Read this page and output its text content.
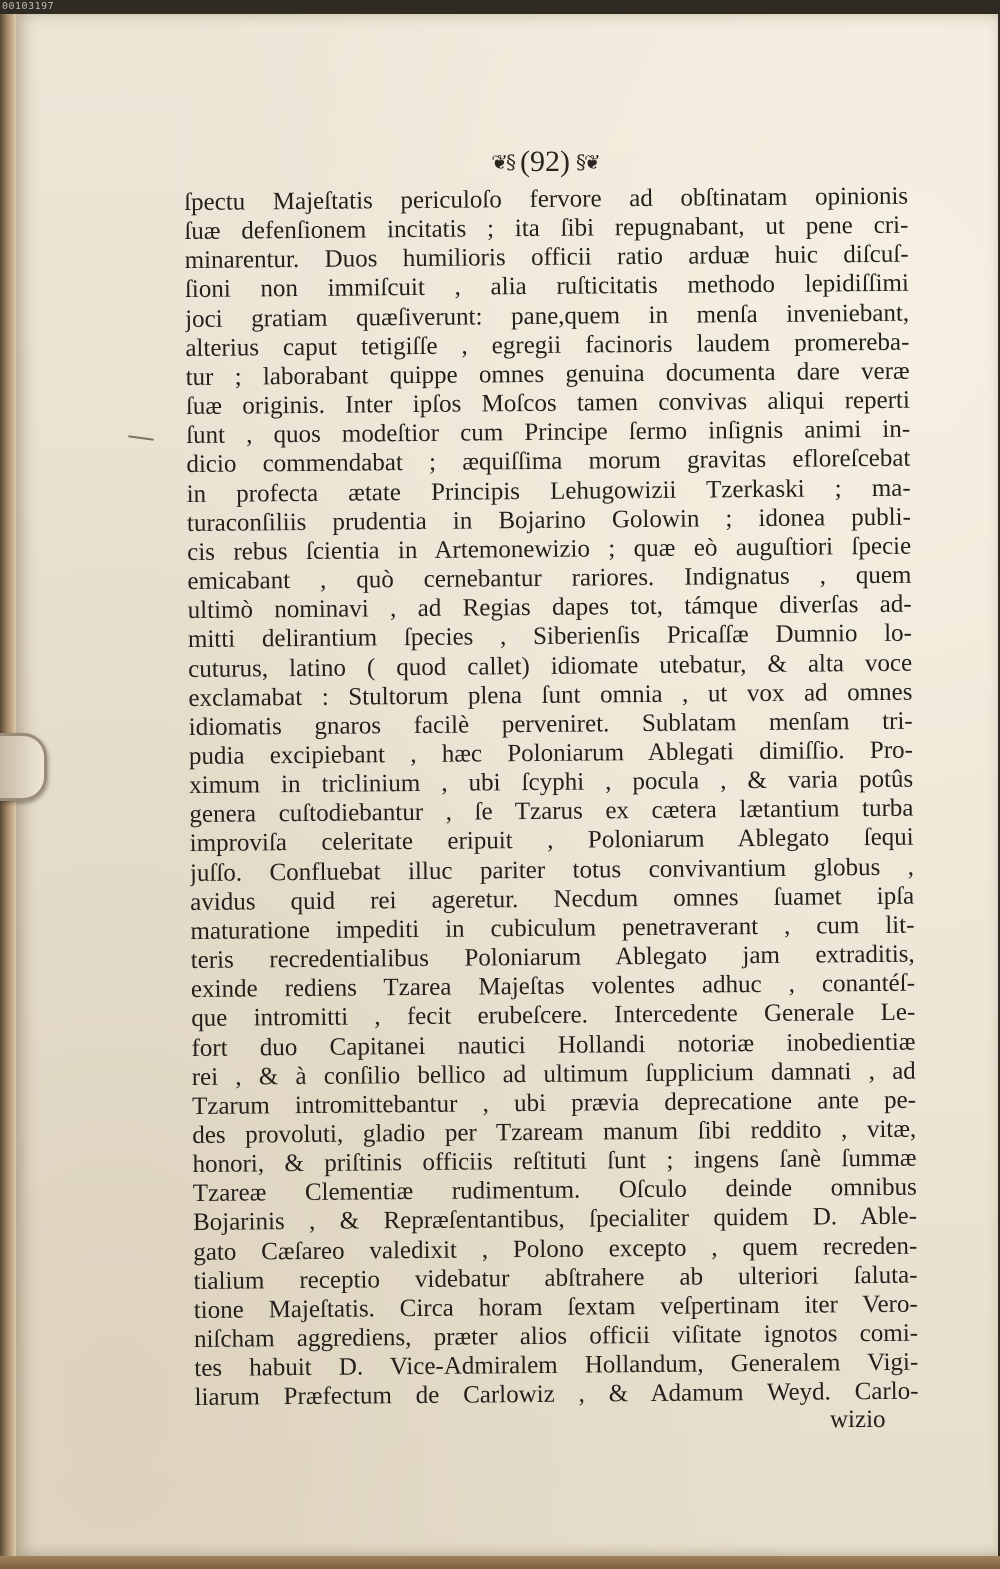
00103197
❦§ (92) §❦
ſpectu Majeſtatis periculoſo fervore ad obſtinatam opinionis
ſuæ defenſionem incitatis ; ita ſibi repugnabant, ut pene cri-
minarentur. Duos humilioris officii ratio arduæ huic diſcuſ-
ſioni non immiſcuit , alia ruſticitatis methodo lepidiſſimi
joci gratiam quæſiverunt: pane,quem in menſa inveniebant,
alterius caput tetigiſſe , egregii facinoris laudem promereba-
tur ; laborabant quippe omnes genuina documenta dare veræ
ſuæ originis. Inter ipſos Moſcos tamen convivas aliqui reperti
ſunt , quos modeſtior cum Principe ſermo inſignis animi in-
dicio commendabat ; æquiſſima morum gravitas efloreſcebat
in profecta ætate Principis Lehugowizii Tzerkaski ; ma-
turaconſiliis prudentia in Bojarino Golowin ; idonea publi-
cis rebus ſcientia in Artemonewizio ; quæ eò auguſtiori ſpecie
emicabant , quò cernebantur rariores. Indignatus , quem
ultimò nominavi , ad Regias dapes tot, támque diverſas ad-
mitti delirantium ſpecies , Siberienſis Pricaſſæ Dumnio lo-
cuturus, latino ( quod callet) idiomate utebatur, & alta voce
exclamabat : Stultorum plena ſunt omnia , ut vox ad omnes
idiomatis gnaros facilè perveniret. Sublatam menſam tri-
pudia excipiebant , hæc Poloniarum Ablegati dimiſſio. Pro-
ximum in triclinium , ubi ſcyphi , pocula , & varia potûs
genera cuſtodiebantur , ſe Tzarus ex cætera lætantium turba
improviſa celeritate eripuit , Poloniarum Ablegato ſequi
juſſo. Confluebat illuc pariter totus convivantium globus ,
avidus quid rei ageretur. Necdum omnes ſuamet ipſa
maturatione impediti in cubiculum penetraverant , cum lit-
teris recredentialibus Poloniarum Ablegato jam extraditis,
exinde rediens Tzarea Majeſtas volentes adhuc , conantéſ-
que intromitti , fecit erubeſcere. Intercedente Generale Le-
fort duo Capitanei nautici Hollandi notoriæ inobedientiæ
rei , & à conſilio bellico ad ultimum ſupplicium damnati , ad
Tzarum intromittebantur , ubi prævia deprecatione ante pe-
des provoluti, gladio per Tzaream manum ſibi reddito , vitæ,
honori, & priſtinis officiis reſtituti ſunt ; ingens ſanè ſummæ
Tzareæ Clementiæ rudimentum. Oſculo deinde omnibus
Bojarinis , & Repræſentantibus, ſpecialiter quidem D. Able-
gato Cæſareo valedixit , Polono excepto , quem recreden-
tialium receptio videbatur abſtrahere ab ulteriori ſaluta-
tione Majeſtatis. Circa horam ſextam veſpertinam iter Vero-
niſcham aggrediens, præter alios officii viſitate ignotos comi-
tes habuit D. Vice-Admiralem Hollandum, Generalem Vigi-
liarum Præfectum de Carlowiz , & Adamum Weyd. Carlo-
wizio
